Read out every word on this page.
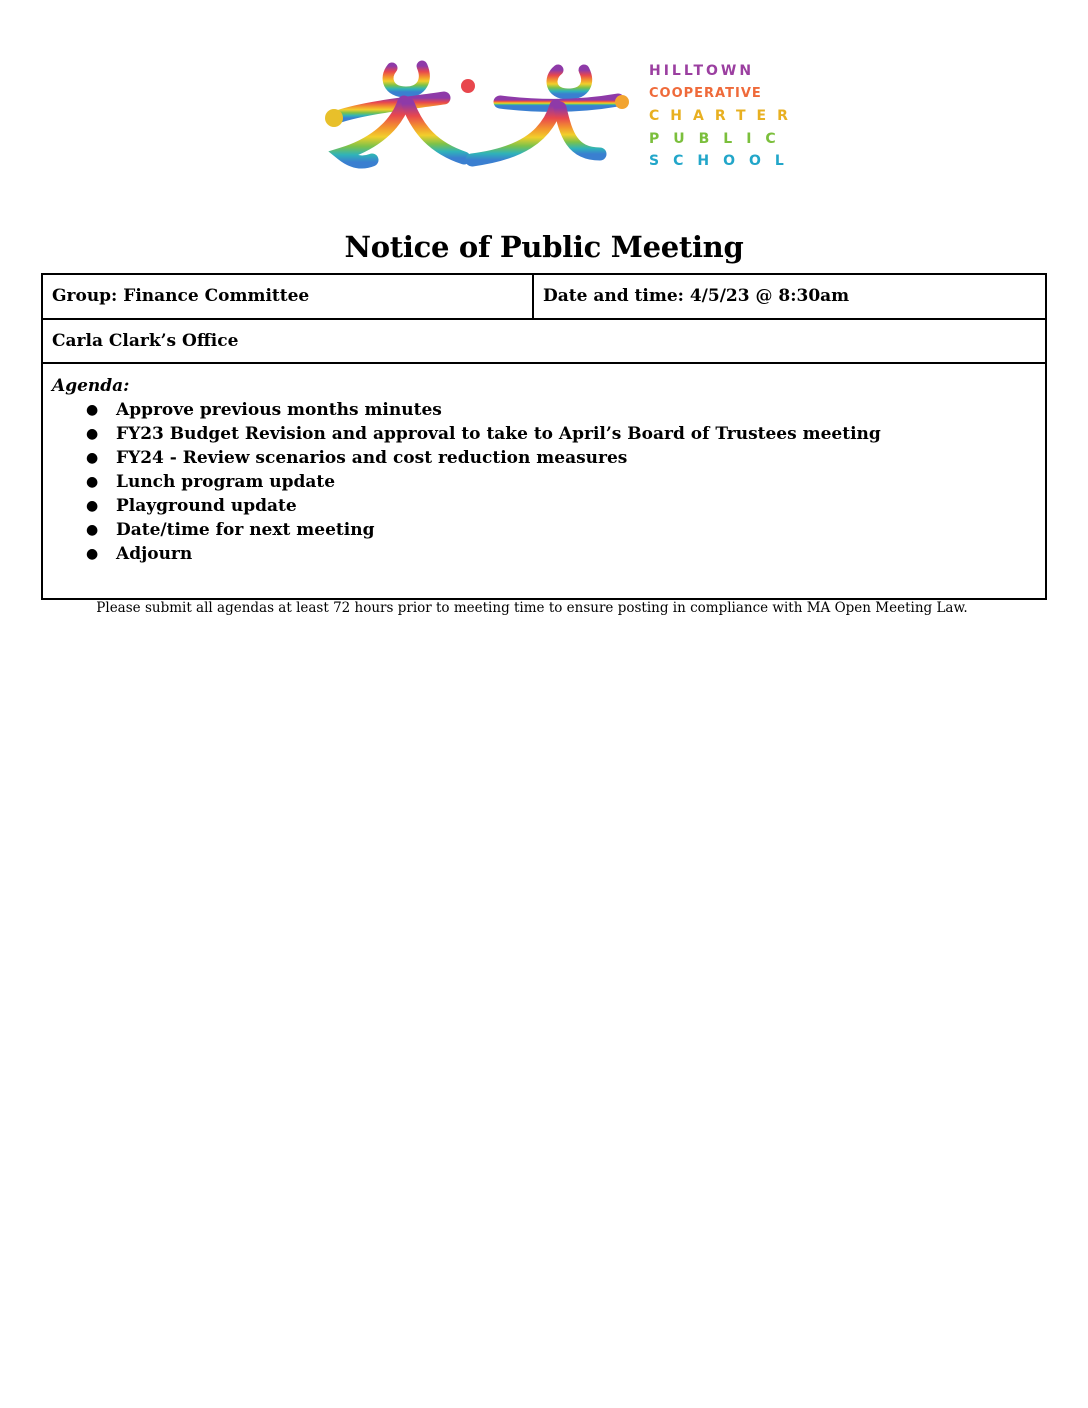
HILLTOWN
COOPERATIVE
CHARTER
PUBLIC
SCHOOL
Notice of Public Meeting
Group: Finance Committee	Date and time: 4/5/23 @ 8:30am
Carla Clark’s Office
Agenda:
● Approve previous months minutes
● FY23 Budget Revision and approval to take to April’s Board of Trustees meeting
● FY24 - Review scenarios and cost reduction measures
● Lunch program update
● Playground update
● Date/time for next meeting
● Adjourn

Please submit all agendas at least 72 hours prior to meeting time to ensure posting in compliance with MA Open Meeting Law.
